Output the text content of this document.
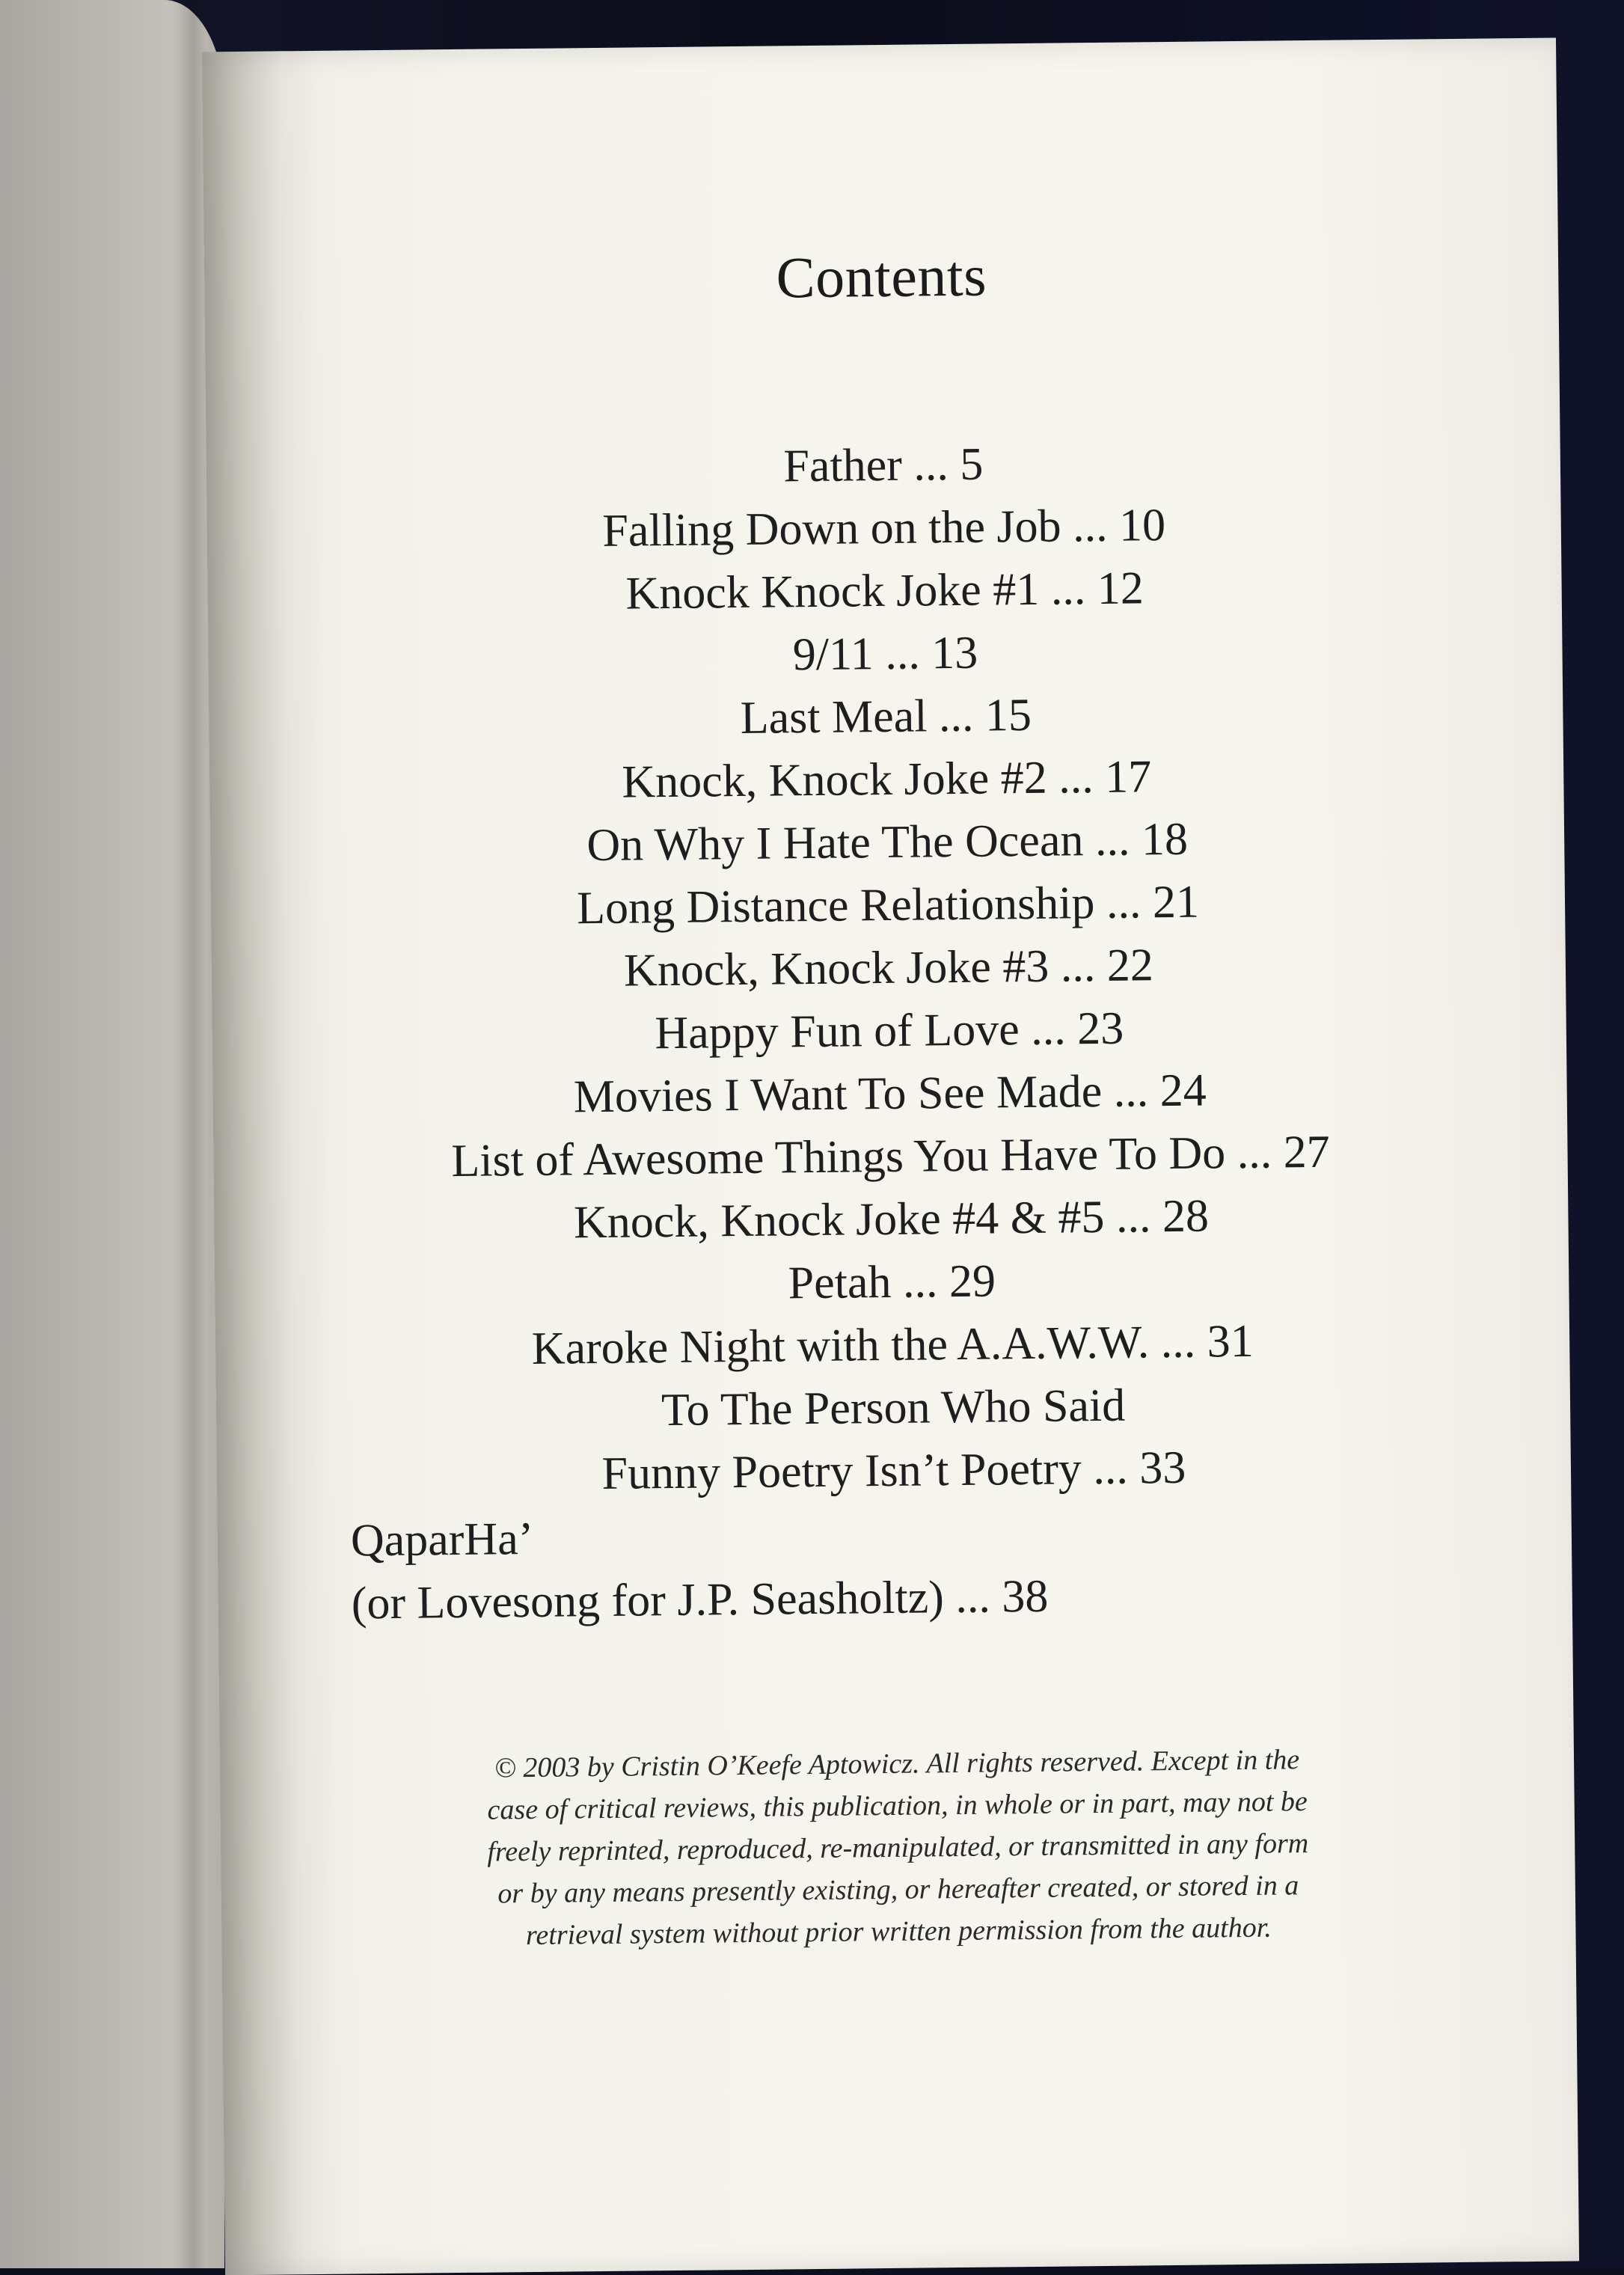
Contents
Father ... 5
Falling Down on the Job ... 10
Knock Knock Joke #1 ... 12
9/11 ... 13
Last Meal ... 15
Knock, Knock Joke #2 ... 17
On Why I Hate The Ocean ... 18
Long Distance Relationship ... 21
Knock, Knock Joke #3 ... 22
Happy Fun of Love ... 23
Movies I Want To See Made ... 24
List of Awesome Things You Have To Do ... 27
Knock, Knock Joke #4 & #5 ... 28
Petah ... 29
Karoke Night with the A.A.W.W. ... 31
To The Person Who Said
Funny Poetry Isn’t Poetry ... 33
QaparHa’
(or Lovesong for J.P. Seasholtz) ... 38
© 2003 by Cristin O’Keefe Aptowicz. All rights reserved. Except in the
case of critical reviews, this publication, in whole or in part, may not be
freely reprinted, reproduced, re-manipulated, or transmitted in any form
or by any means presently existing, or hereafter created, or stored in a
retrieval system without prior written permission from the author.
